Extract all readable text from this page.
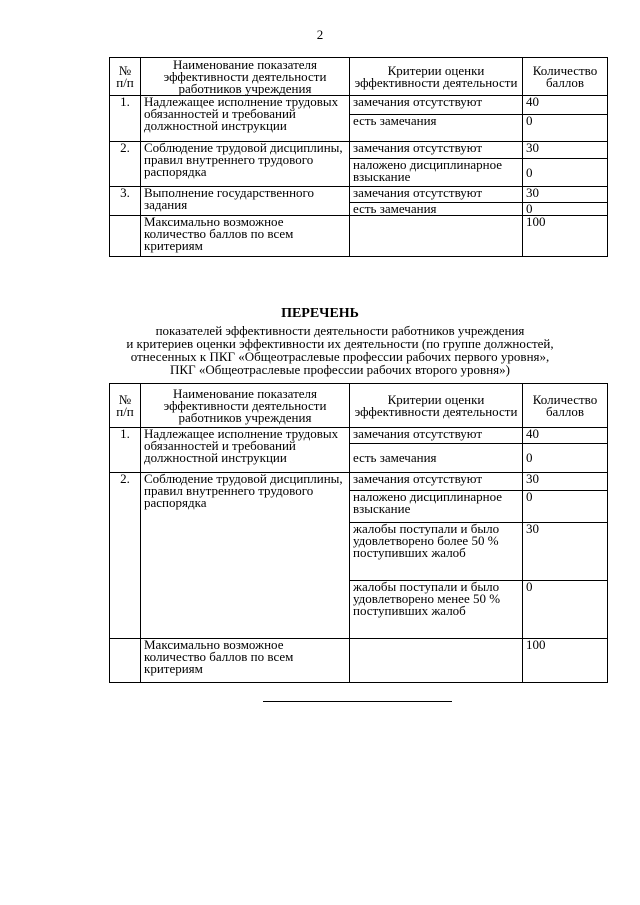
2
№ п/п	Наименование показателя эффективности деятельности работников учреждения	Критерии оценки эффективности деятельности	Количество баллов
1.	Надлежащее исполнение трудовых обязанностей и требований должностной инструкции	замечания отсутствуют	40
		есть замечания	0
2.	Соблюдение трудовой дисциплины, правил внутреннего трудового распорядка	замечания отсутствуют	30
		наложено дисциплинарное взыскание	0
3.	Выполнение государственного задания	замечания отсутствуют	30
		есть замечания	0
	Максимально возможное количество баллов по всем критериям		100
ПЕРЕЧЕНЬ
показателей эффективности деятельности работников учреждения
и критериев оценки эффективности их деятельности (по группе должностей,
отнесенных к ПКГ «Общеотраслевые профессии рабочих первого уровня»,
ПКГ «Общеотраслевые профессии рабочих второго уровня»)
№ п/п	Наименование показателя эффективности деятельности работников учреждения	Критерии оценки эффективности деятельности	Количество баллов
1.	Надлежащее исполнение трудовых обязанностей и требований должностной инструкции	замечания отсутствуют	40
		есть замечания	0
2.	Соблюдение трудовой дисциплины, правил внутреннего трудового распорядка	замечания отсутствуют	30
		наложено дисциплинарное взыскание	0
		жалобы поступали и было удовлетворено более 50 % поступивших жалоб	30
		жалобы поступали и было удовлетворено менее 50 % поступивших жалоб	0
	Максимально возможное количество баллов по всем критериям		100
